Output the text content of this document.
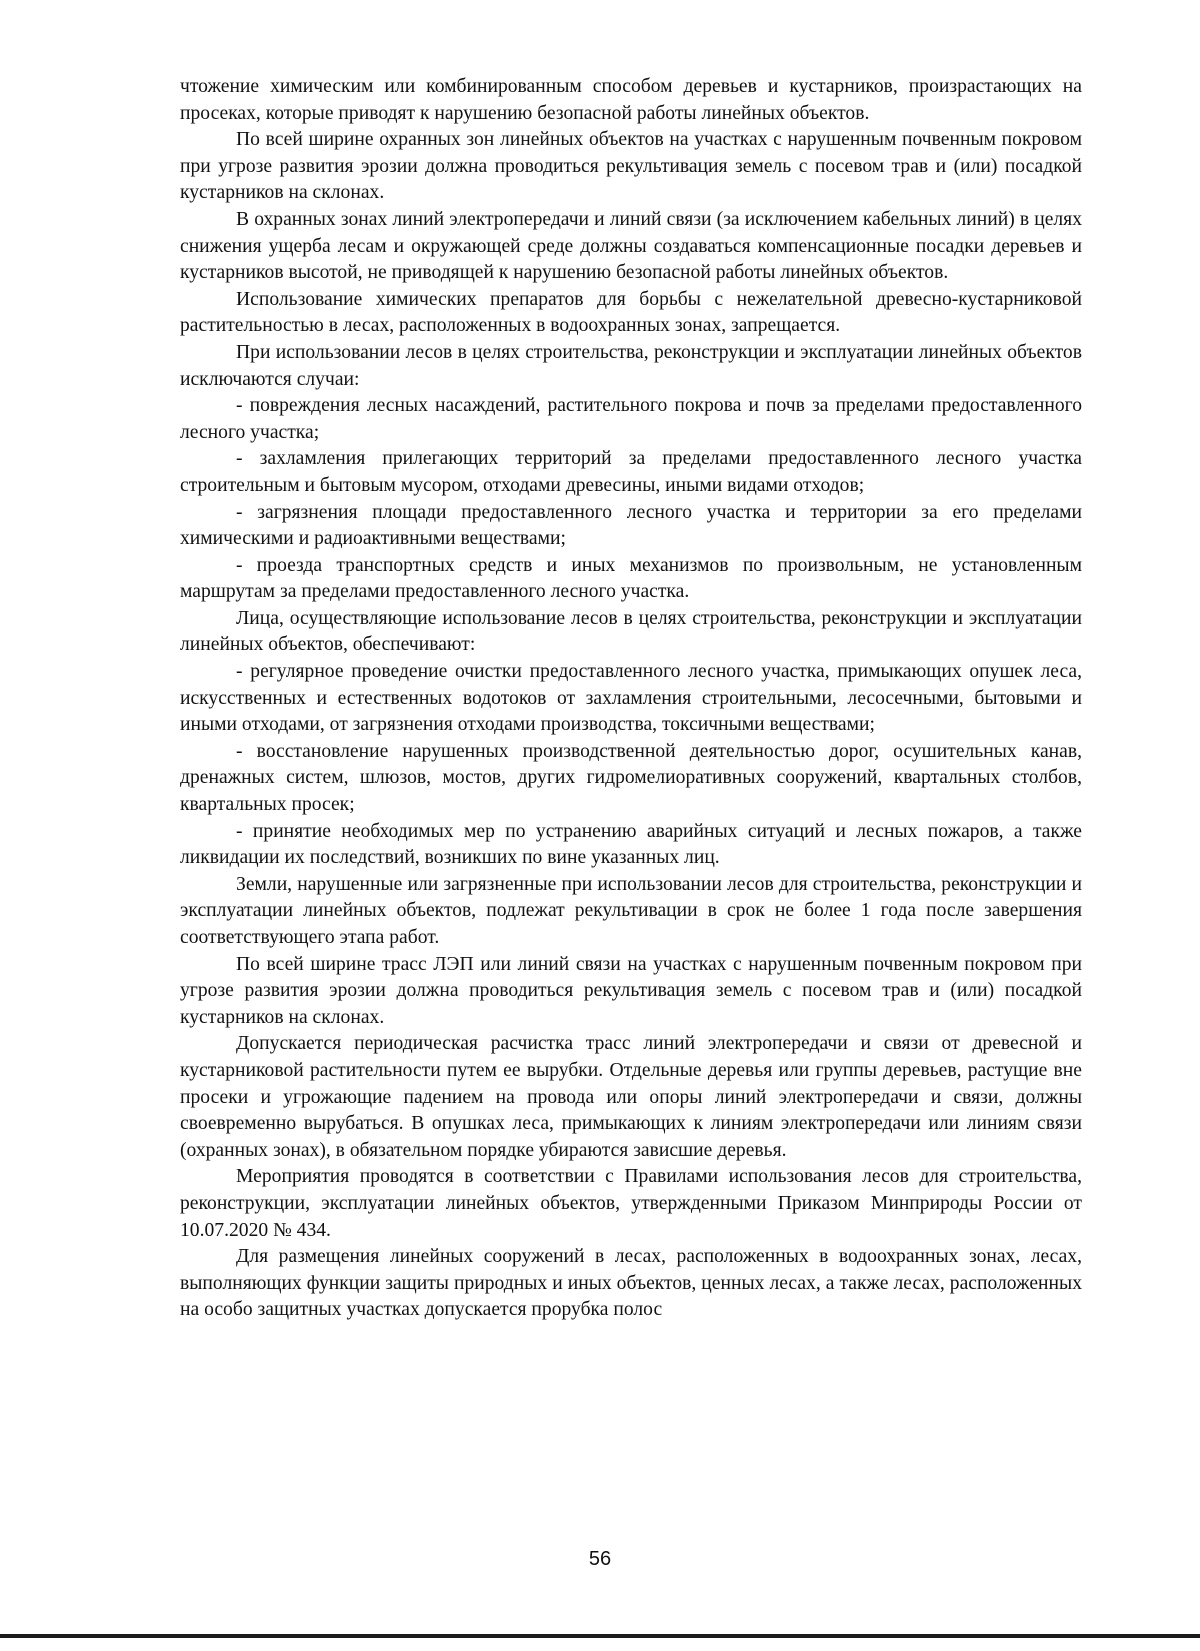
чтожение химическим или комбинированным способом деревьев и кустарников, произрастающих на просеках, которые приводят к нарушению безопасной работы линейных объектов.

По всей ширине охранных зон линейных объектов на участках с нарушенным почвенным покровом при угрозе развития эрозии должна проводиться рекультивация земель с посевом трав и (или) посадкой кустарников на склонах.

В охранных зонах линий электропередачи и линий связи (за исключением кабельных линий) в целях снижения ущерба лесам и окружающей среде должны создаваться компенсационные посадки деревьев и кустарников высотой, не приводящей к нарушению безопасной работы линейных объектов.

Использование химических препаратов для борьбы с нежелательной древесно-кустарниковой растительностью в лесах, расположенных в водоохранных зонах, запрещается.

При использовании лесов в целях строительства, реконструкции и эксплуатации линейных объектов исключаются случаи:

- повреждения лесных насаждений, растительного покрова и почв за пределами предоставленного лесного участка;

- захламления прилегающих территорий за пределами предоставленного лесного участка строительным и бытовым мусором, отходами древесины, иными видами отходов;

- загрязнения площади предоставленного лесного участка и территории за его пределами химическими и радиоактивными веществами;

- проезда транспортных средств и иных механизмов по произвольным, не установленным маршрутам за пределами предоставленного лесного участка.

Лица, осуществляющие использование лесов в целях строительства, реконструкции и эксплуатации линейных объектов, обеспечивают:

- регулярное проведение очистки предоставленного лесного участка, примыкающих опушек леса, искусственных и естественных водотоков от захламления строительными, лесосечными, бытовыми и иными отходами, от загрязнения отходами производства, токсичными веществами;

- восстановление нарушенных производственной деятельностью дорог, осушительных канав, дренажных систем, шлюзов, мостов, других гидромелиоративных сооружений, квартальных столбов, квартальных просек;

- принятие необходимых мер по устранению аварийных ситуаций и лесных пожаров, а также ликвидации их последствий, возникших по вине указанных лиц.

Земли, нарушенные или загрязненные при использовании лесов для строительства, реконструкции и эксплуатации линейных объектов, подлежат рекультивации в срок не более 1 года после завершения соответствующего этапа работ.

По всей ширине трасс ЛЭП или линий связи на участках с нарушенным почвенным покровом при угрозе развития эрозии должна проводиться рекультивация земель с посевом трав и (или) посадкой кустарников на склонах.

Допускается периодическая расчистка трасс линий электропередачи и связи от древесной и кустарниковой растительности путем ее вырубки. Отдельные деревья или группы деревьев, растущие вне просеки и угрожающие падением на провода или опоры линий электропередачи и связи, должны своевременно вырубаться. В опушках леса, примыкающих к линиям электропередачи или линиям связи (охранных зонах), в обязательном порядке убираются зависшие деревья.

Мероприятия проводятся в соответствии с Правилами использования лесов для строительства, реконструкции, эксплуатации линейных объектов, утвержденными Приказом Минприроды России от 10.07.2020 № 434.

Для размещения линейных сооружений в лесах, расположенных в водоохранных зонах, лесах, выполняющих функции защиты природных и иных объектов, ценных лесах, а также лесах, расположенных на особо защитных участках допускается прорубка полос

56
